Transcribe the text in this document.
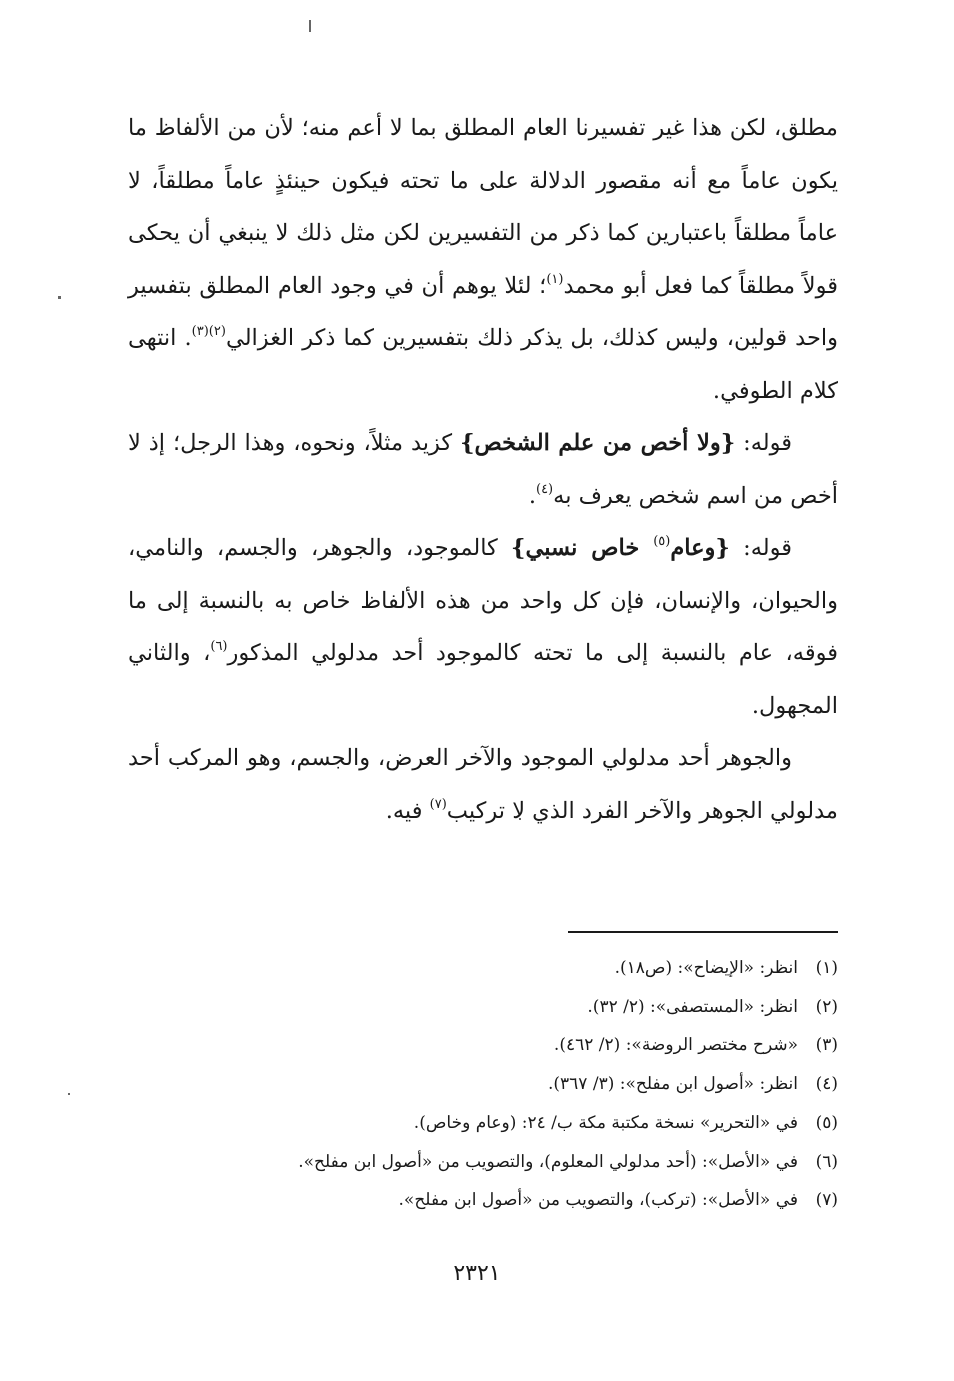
مطلق، لكن هذا غير تفسيرنا العام المطلق بما لا أعم منه؛ لأن من الألفاظ ما يكون عاماً مع أنه مقصور الدلالة على ما تحته فيكون حينئذٍ عاماً مطلقاً، لا عاماً مطلقاً باعتبارين كما ذكر من التفسيرين لكن مثل ذلك لا ينبغي أن يحكى قولاً مطلقاً كما فعل أبو محمد$^{(١)}$؛ لئلا يوهم أن في وجود العام المطلق بتفسير واحد قولين، وليس كذلك، بل يذكر ذلك بتفسيرين كما ذكر الغزالي$^{(٢)(٣)}$. انتهى كلام الطوفي.

قوله: {ولا أخص من علم الشخص} كزيد مثلاً، ونحوه، وهذا الرجل؛ إذ لا أخص من اسم شخص يعرف به$^{(٤)}$.

قوله: {وعام$^{(٥)}$ خاص نسبي} كالموجود، والجوهر، والجسم، والنامي، والحيوان، والإنسان، فإن كل واحد من هذه الألفاظ خاص به بالنسبة إلى ما فوقه، عام بالنسبة إلى ما تحته كالموجود أحد مدلولي المذكور$^{(٦)}$، والثاني المجهول.

والجوهر أحد مدلولي الموجود والآخر العرض، والجسم، وهو المركب أحد مدلولي الجوهر والآخر الفرد الذي لا تركيب$^{(٧)}$ فيه.

(١)انظر: «الإيضاح»: (ص١٨).
(٢)انظر: «المستصفى»: (٢/ ٣٢).
(٣)«شرح مختصر الروضة»: (٢/ ٤٦٢).
(٤)انظر: «أصول ابن مفلح»: (٣/ ٣٦٧).
(٥)في «التحرير» نسخة مكتبة مكة ب/ ٢٤: (وعام وخاص).
(٦)في «الأصل»: (أحد مدلولي المعلوم)، والتصويب من «أصول ابن مفلح».
(٧)في «الأصل»: (تركب)، والتصويب من «أصول ابن مفلح».
٢٣٢١
